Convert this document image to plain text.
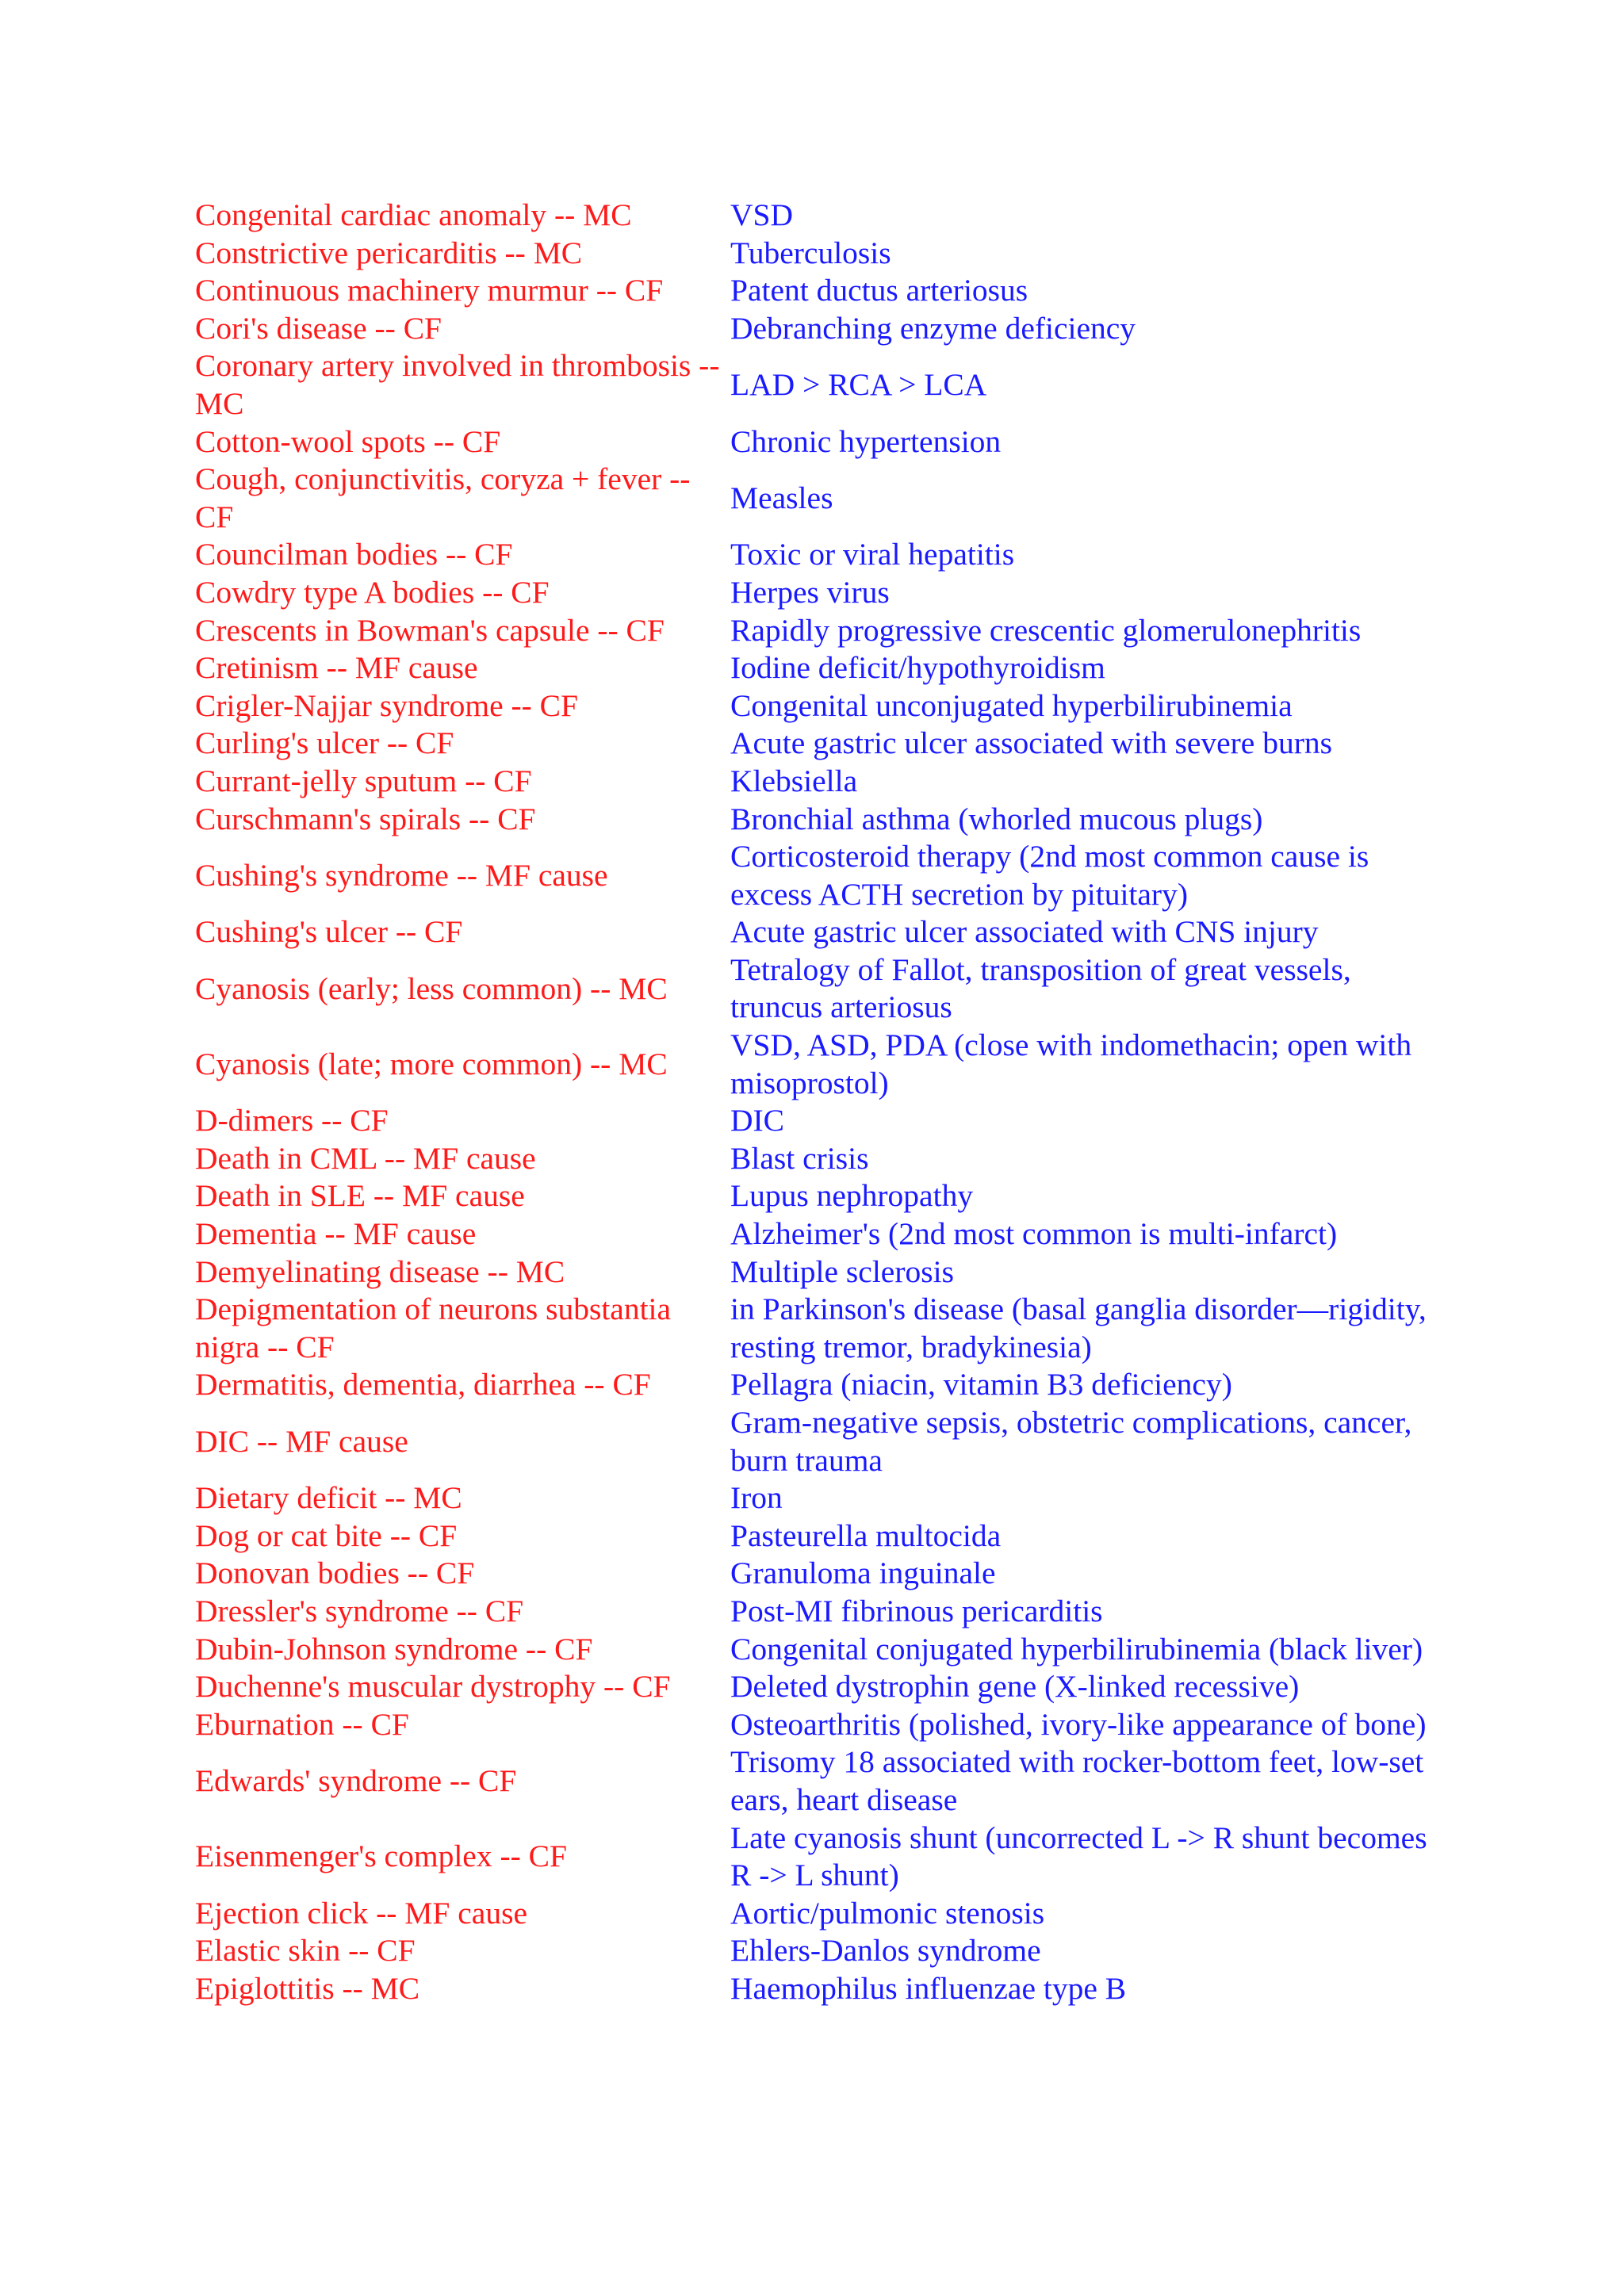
Congenital cardiac anomaly -- MC	VSD
Constrictive pericarditis -- MC	Tuberculosis
Continuous machinery murmur -- CF	Patent ductus arteriosus
Cori's disease -- CF	Debranching enzyme deficiency
Coronary artery involved in thrombosis -- MC	LAD > RCA > LCA
Cotton-wool spots -- CF	Chronic hypertension
Cough, conjunctivitis, coryza + fever -- CF	Measles
Councilman bodies -- CF	Toxic or viral hepatitis
Cowdry type A bodies -- CF	Herpes virus
Crescents in Bowman's capsule -- CF	Rapidly progressive crescentic glomerulonephritis
Cretinism -- MF cause	Iodine deficit/hypothyroidism
Crigler-Najjar syndrome -- CF	Congenital unconjugated hyperbilirubinemia
Curling's ulcer -- CF	Acute gastric ulcer associated with severe burns
Currant-jelly sputum -- CF	Klebsiella
Curschmann's spirals -- CF	Bronchial asthma (whorled mucous plugs)
Cushing's syndrome -- MF cause	Corticosteroid therapy (2nd most common cause is excess ACTH secretion by pituitary)
Cushing's ulcer -- CF	Acute gastric ulcer associated with CNS injury
Cyanosis (early; less common) -- MC	Tetralogy of Fallot, transposition of great vessels, truncus arteriosus
Cyanosis (late; more common) -- MC	VSD, ASD, PDA (close with indomethacin; open with misoprostol)
D-dimers -- CF	DIC
Death in CML -- MF cause	Blast crisis
Death in SLE -- MF cause	Lupus nephropathy
Dementia -- MF cause	Alzheimer's (2nd most common is multi-infarct)
Demyelinating disease -- MC	Multiple sclerosis
Depigmentation of neurons substantia nigra -- CF	in Parkinson's disease (basal ganglia disorder—rigidity, resting tremor, bradykinesia)
Dermatitis, dementia, diarrhea -- CF	Pellagra (niacin, vitamin B3 deficiency)
DIC -- MF cause	Gram-negative sepsis, obstetric complications, cancer, burn trauma
Dietary deficit -- MC	Iron
Dog or cat bite -- CF	Pasteurella multocida
Donovan bodies -- CF	Granuloma inguinale
Dressler's syndrome -- CF	Post-MI fibrinous pericarditis
Dubin-Johnson syndrome -- CF	Congenital conjugated hyperbilirubinemia (black liver)
Duchenne's muscular dystrophy -- CF	Deleted dystrophin gene (X-linked recessive)
Eburnation -- CF	Osteoarthritis (polished, ivory-like appearance of bone)
Edwards' syndrome -- CF	Trisomy 18 associated with rocker-bottom feet, low-set ears, heart disease
Eisenmenger's complex -- CF	Late cyanosis shunt (uncorrected L -> R shunt becomes R -> L shunt)
Ejection click -- MF cause	Aortic/pulmonic stenosis
Elastic skin -- CF	Ehlers-Danlos syndrome
Epiglottitis -- MC	Haemophilus influenzae type B
